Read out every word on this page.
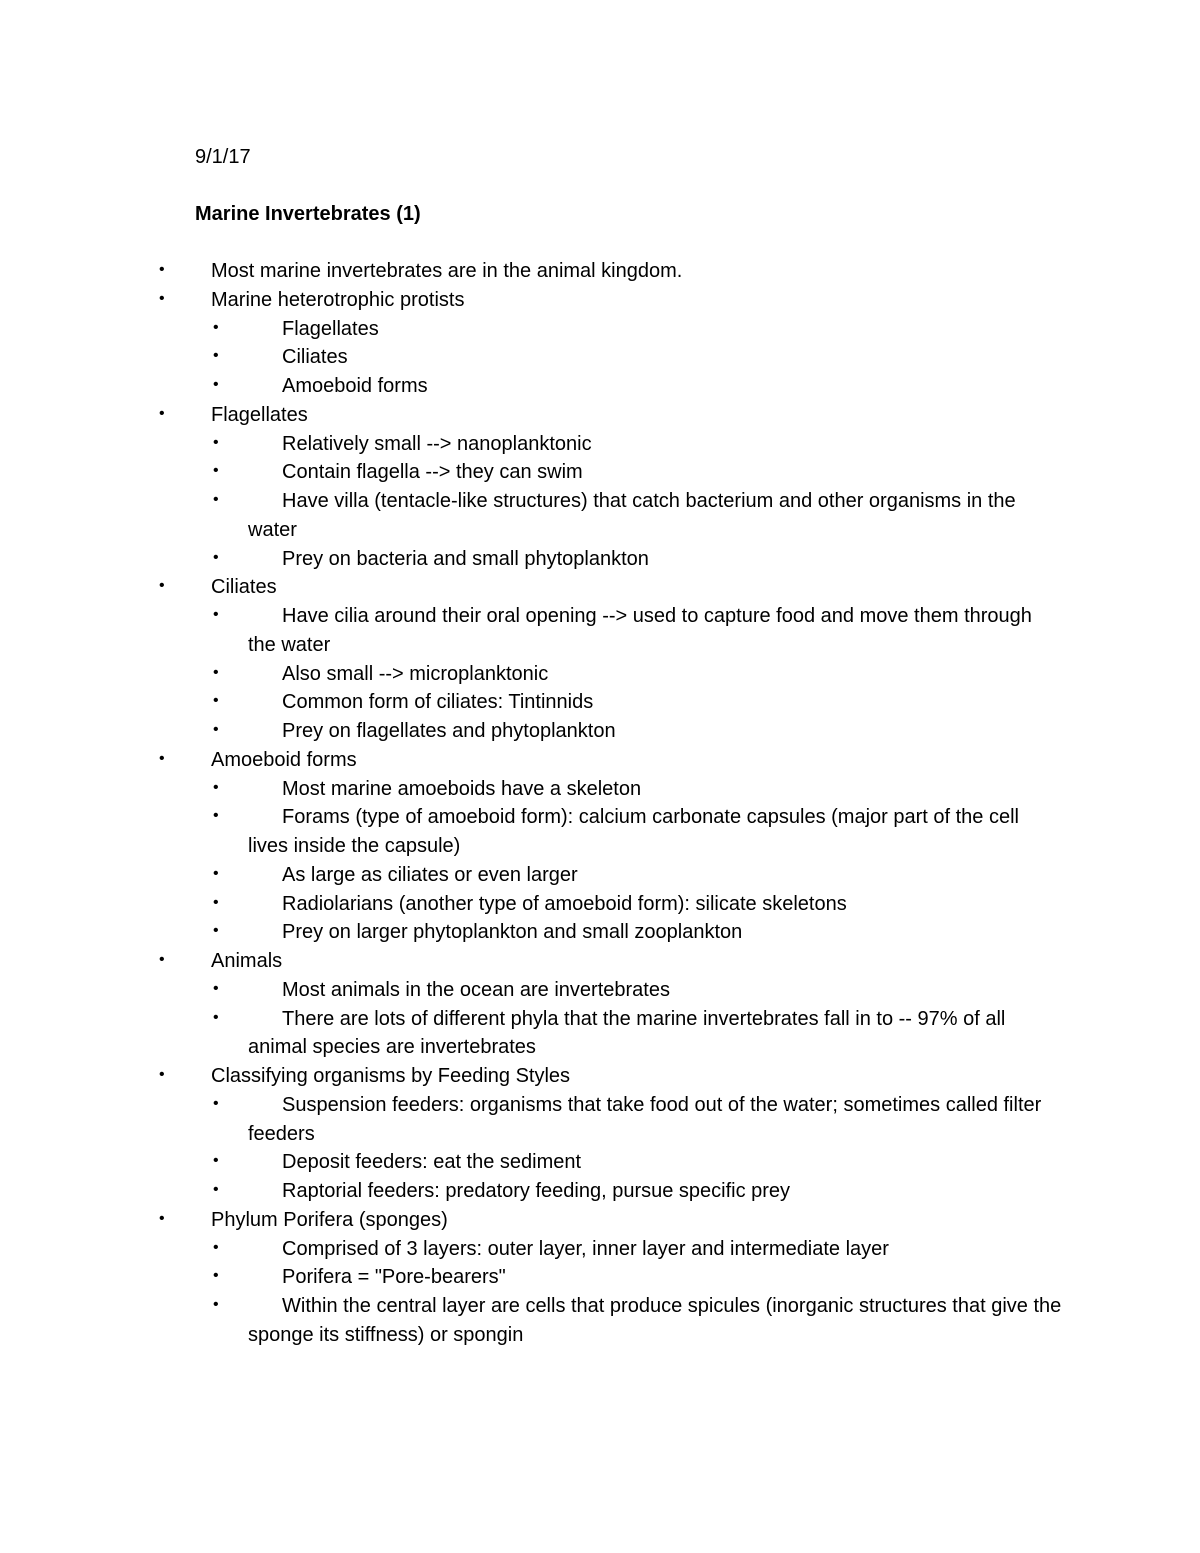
9/1/17
Marine Invertebrates (1)
• Most marine invertebrates are in the animal kingdom.
• Marine heterotrophic protists
•	Flagellates
•	Ciliates
•	Amoeboid forms
• Flagellates
•	Relatively small --> nanoplanktonic
•	Contain flagella --> they can swim
•	Have villa (tentacle-like structures) that catch bacterium and other organisms in the water
•	Prey on bacteria and small phytoplankton
• Ciliates
•	Have cilia around their oral opening --> used to capture food and move them through the water
•	Also small --> microplanktonic
•	Common form of ciliates: Tintinnids
•	Prey on flagellates and phytoplankton
• Amoeboid forms
•	Most marine amoeboids have a skeleton
•	Forams (type of amoeboid form): calcium carbonate capsules (major part of the cell lives inside the capsule)
•	As large as ciliates or even larger
•	Radiolarians (another type of amoeboid form): silicate skeletons
•	Prey on larger phytoplankton and small zooplankton
• Animals
•	Most animals in the ocean are invertebrates
•	There are lots of different phyla that the marine invertebrates fall in to -- 97% of all animal species are invertebrates
• Classifying organisms by Feeding Styles
•	Suspension feeders: organisms that take food out of the water; sometimes called filter feeders
•	Deposit feeders: eat the sediment
•	Raptorial feeders: predatory feeding, pursue specific prey
• Phylum Porifera (sponges)
•	Comprised of 3 layers: outer layer, inner layer and intermediate layer
•	Porifera = "Pore-bearers"
•	Within the central layer are cells that produce spicules (inorganic structures that give the sponge its stiffness) or spongin
